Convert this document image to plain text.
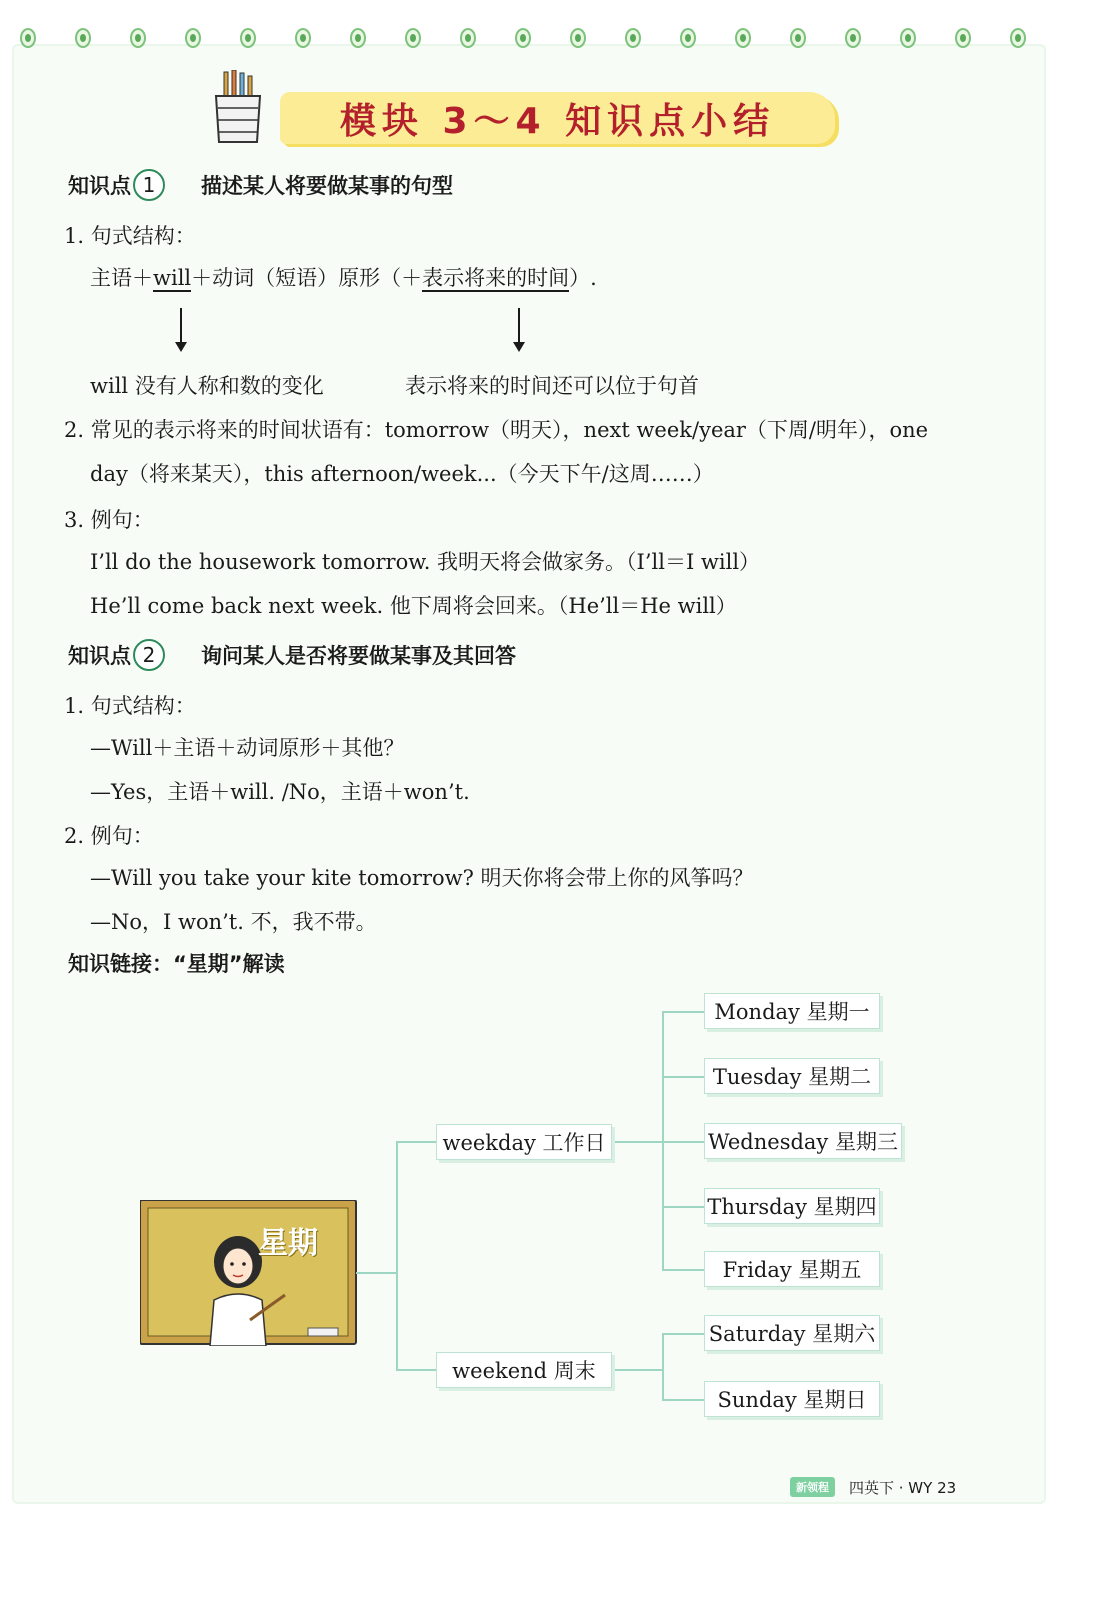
模块 3～4 知识点小结
知识点 1	描述某人将要做某事的句型
1. 句式结构：
主语＋will＋动词（短语）原形（＋表示将来的时间）.
will 没有人称和数的变化	表示将来的时间还可以位于句首
2. 常见的表示将来的时间状语有：tomorrow（明天），next week/year（下周/明年），one
day（将来某天），this afternoon/week...（今天下午/这周……）
3. 例句：
I’ll do the housework tomorrow. 我明天将会做家务。（I’ll＝I will）
He’ll come back next week. 他下周将会回来。（He’ll＝He will）
知识点 2	询问某人是否将要做某事及其回答
1. 句式结构：
—Will＋主语＋动词原形＋其他？
—Yes，主语＋will. /No，主语＋won’t.
2. 例句：
—Will you take your kite tomorrow? 明天你将会带上你的风筝吗？
—No，I won’t. 不，我不带。
知识链接：“星期”解读
星期
weekday 工作日
weekend 周末
Monday 星期一
Tuesday 星期二
Wednesday 星期三
Thursday 星期四
Friday 星期五
Saturday 星期六
Sunday 星期日
新领程	四英下 · WY 23
